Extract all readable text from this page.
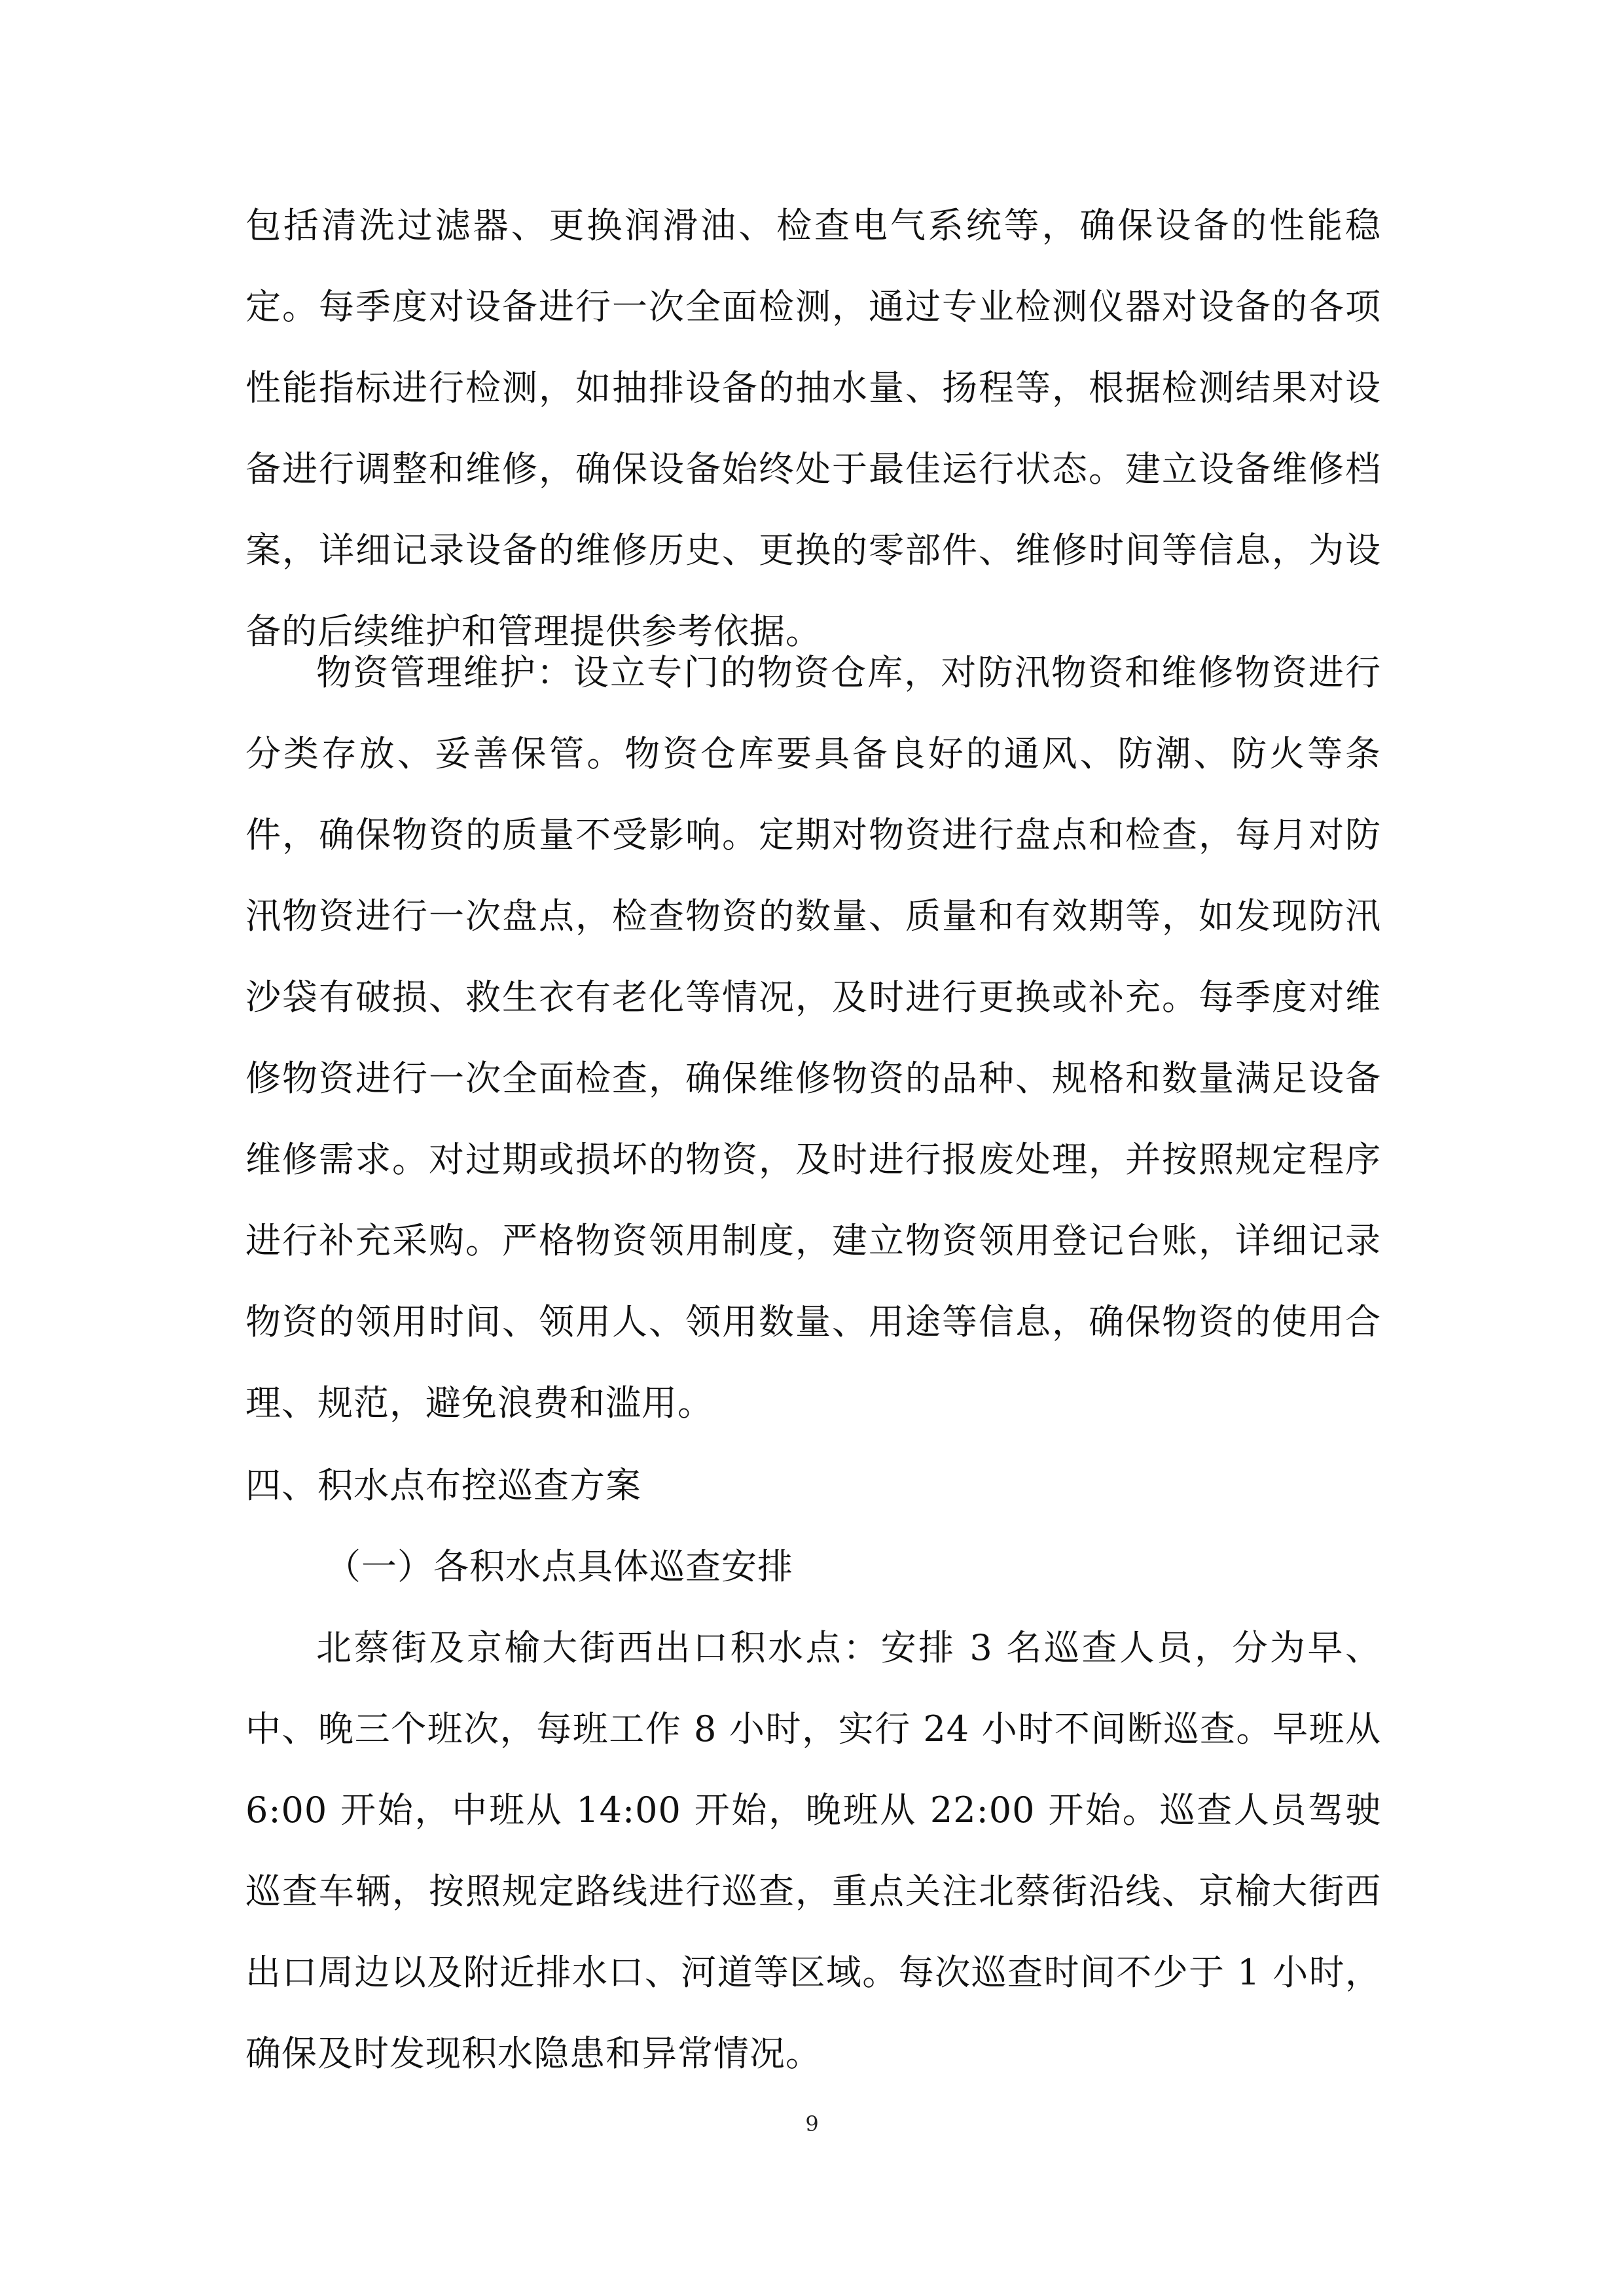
包括清洗过滤器、更换润滑油、检查电气系统等，确保设备的性能稳定。每季度对设备进行一次全面检测，通过专业检测仪器对设备的各项性能指标进行检测，如抽排设备的抽水量、扬程等，根据检测结果对设备进行调整和维修，确保设备始终处于最佳运行状态。建立设备维修档案，详细记录设备的维修历史、更换的零部件、维修时间等信息，为设备的后续维护和管理提供参考依据。

物资管理维护：设立专门的物资仓库，对防汛物资和维修物资进行分类存放、妥善保管。物资仓库要具备良好的通风、防潮、防火等条件，确保物资的质量不受影响。定期对物资进行盘点和检查，每月对防汛物资进行一次盘点，检查物资的数量、质量和有效期等，如发现防汛沙袋有破损、救生衣有老化等情况，及时进行更换或补充。每季度对维修物资进行一次全面检查，确保维修物资的品种、规格和数量满足设备维修需求。对过期或损坏的物资，及时进行报废处理，并按照规定程序进行补充采购。严格物资领用制度，建立物资领用登记台账，详细记录物资的领用时间、领用人、领用数量、用途等信息，确保物资的使用合理、规范，避免浪费和滥用。

四、积水点布控巡查方案

（一）各积水点具体巡查安排

北蔡街及京榆大街西出口积水点：安排 3 名巡查人员，分为早、中、晚三个班次，每班工作 8 小时，实行 24 小时不间断巡查。早班从 6:00 开始，中班从 14:00 开始，晚班从 22:00 开始。巡查人员驾驶巡查车辆，按照规定路线进行巡查，重点关注北蔡街沿线、京榆大街西出口周边以及附近排水口、河道等区域。每次巡查时间不少于 1 小时，确保及时发现积水隐患和异常情况。

9
